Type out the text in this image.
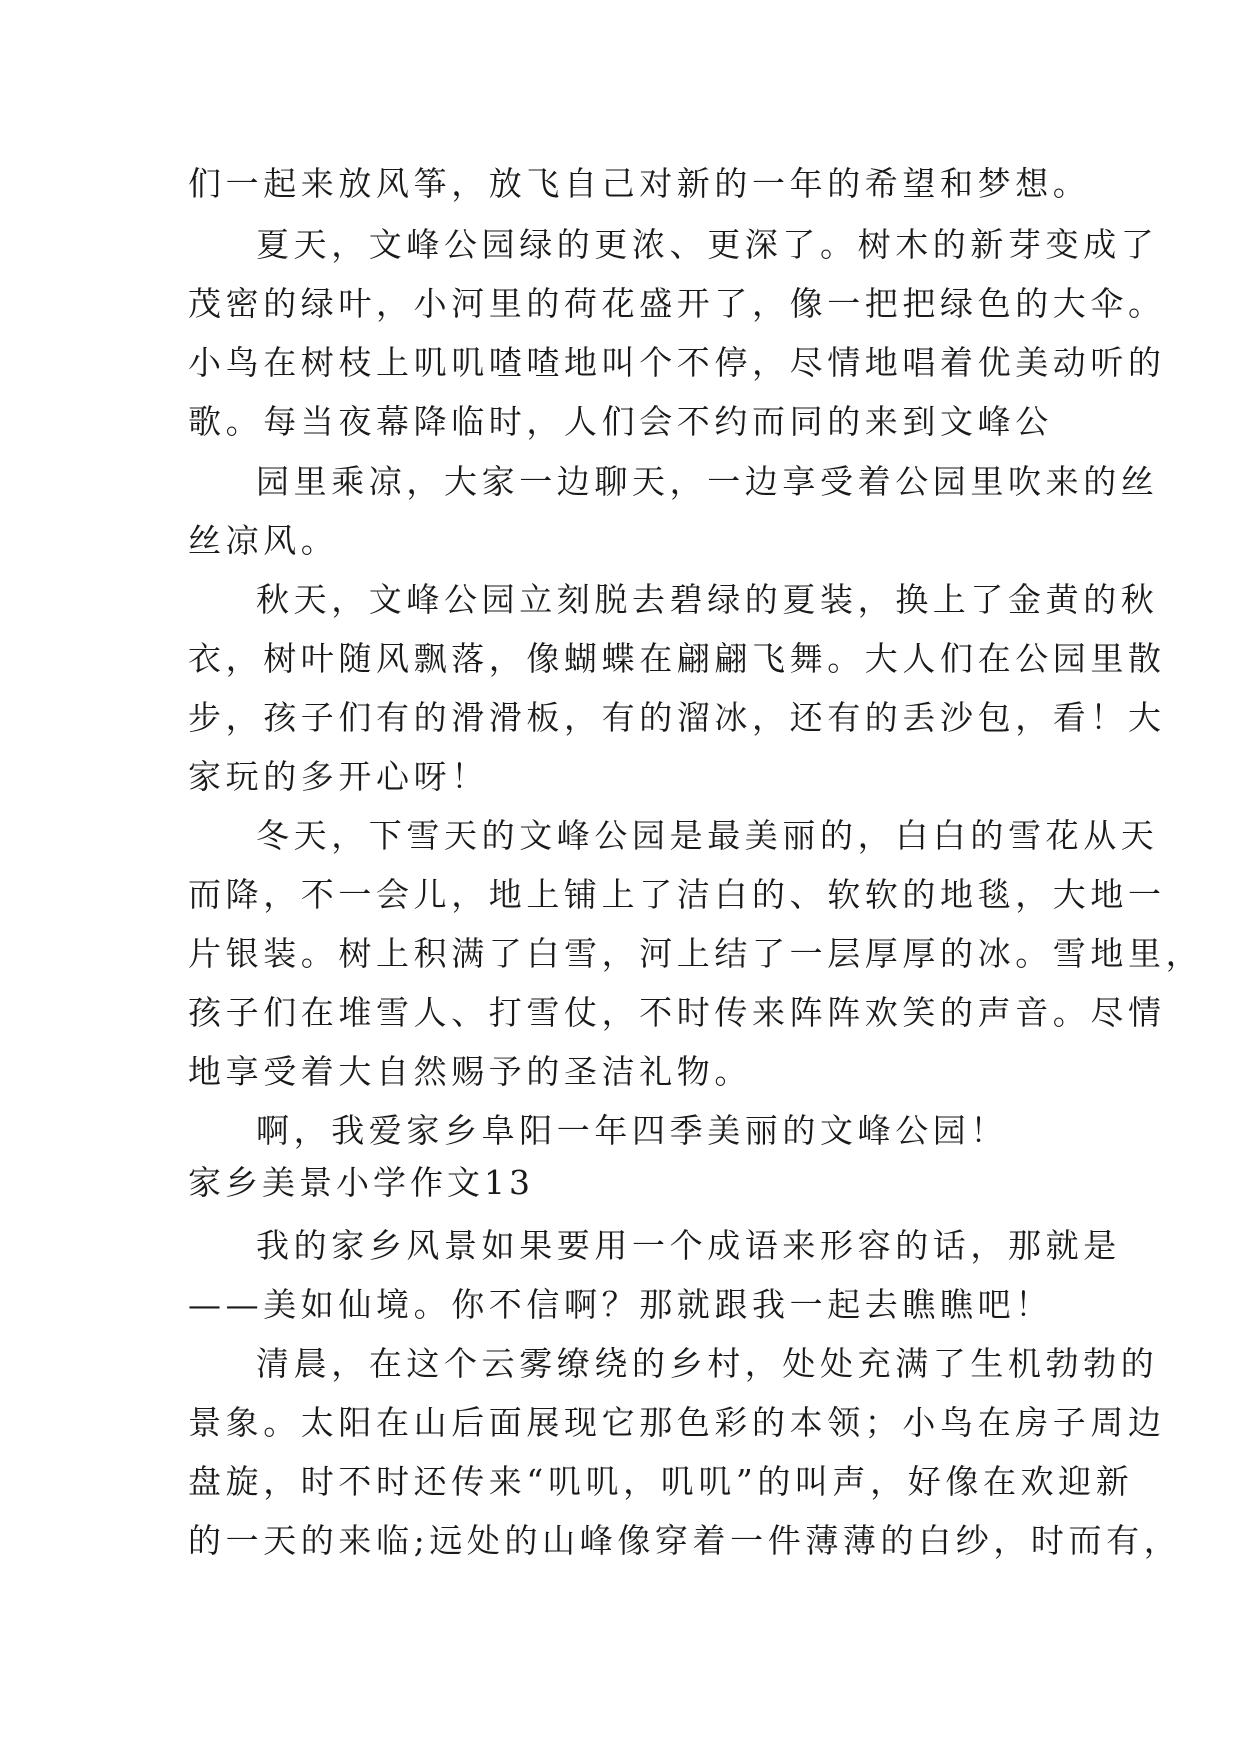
们一起来放风筝，放飞自己对新的一年的希望和梦想。
夏天，文峰公园绿的更浓、更深了。树木的新芽变成了
茂密的绿叶，小河里的荷花盛开了，像一把把绿色的大伞。
小鸟在树枝上叽叽喳喳地叫个不停，尽情地唱着优美动听的
歌。每当夜幕降临时，人们会不约而同的来到文峰公
园里乘凉，大家一边聊天，一边享受着公园里吹来的丝
丝凉风。
秋天，文峰公园立刻脱去碧绿的夏装，换上了金黄的秋
衣，树叶随风飘落，像蝴蝶在翩翩飞舞。大人们在公园里散
步，孩子们有的滑滑板，有的溜冰，还有的丢沙包，看！大
家玩的多开心呀！
冬天，下雪天的文峰公园是最美丽的，白白的雪花从天
而降，不一会儿，地上铺上了洁白的、软软的地毯，大地一
片银装。树上积满了白雪，河上结了一层厚厚的冰。雪地里，
孩子们在堆雪人、打雪仗，不时传来阵阵欢笑的声音。尽情
地享受着大自然赐予的圣洁礼物。
啊，我爱家乡阜阳一年四季美丽的文峰公园！
家乡美景小学作文13
我的家乡风景如果要用一个成语来形容的话，那就是
——美如仙境。你不信啊？那就跟我一起去瞧瞧吧！
清晨，在这个云雾缭绕的乡村，处处充满了生机勃勃的
景象。太阳在山后面展现它那色彩的本领；小鸟在房子周边
盘旋，时不时还传来“叽叽，叽叽”的叫声，好像在欢迎新
的一天的来临;远处的山峰像穿着一件薄薄的白纱，时而有，
